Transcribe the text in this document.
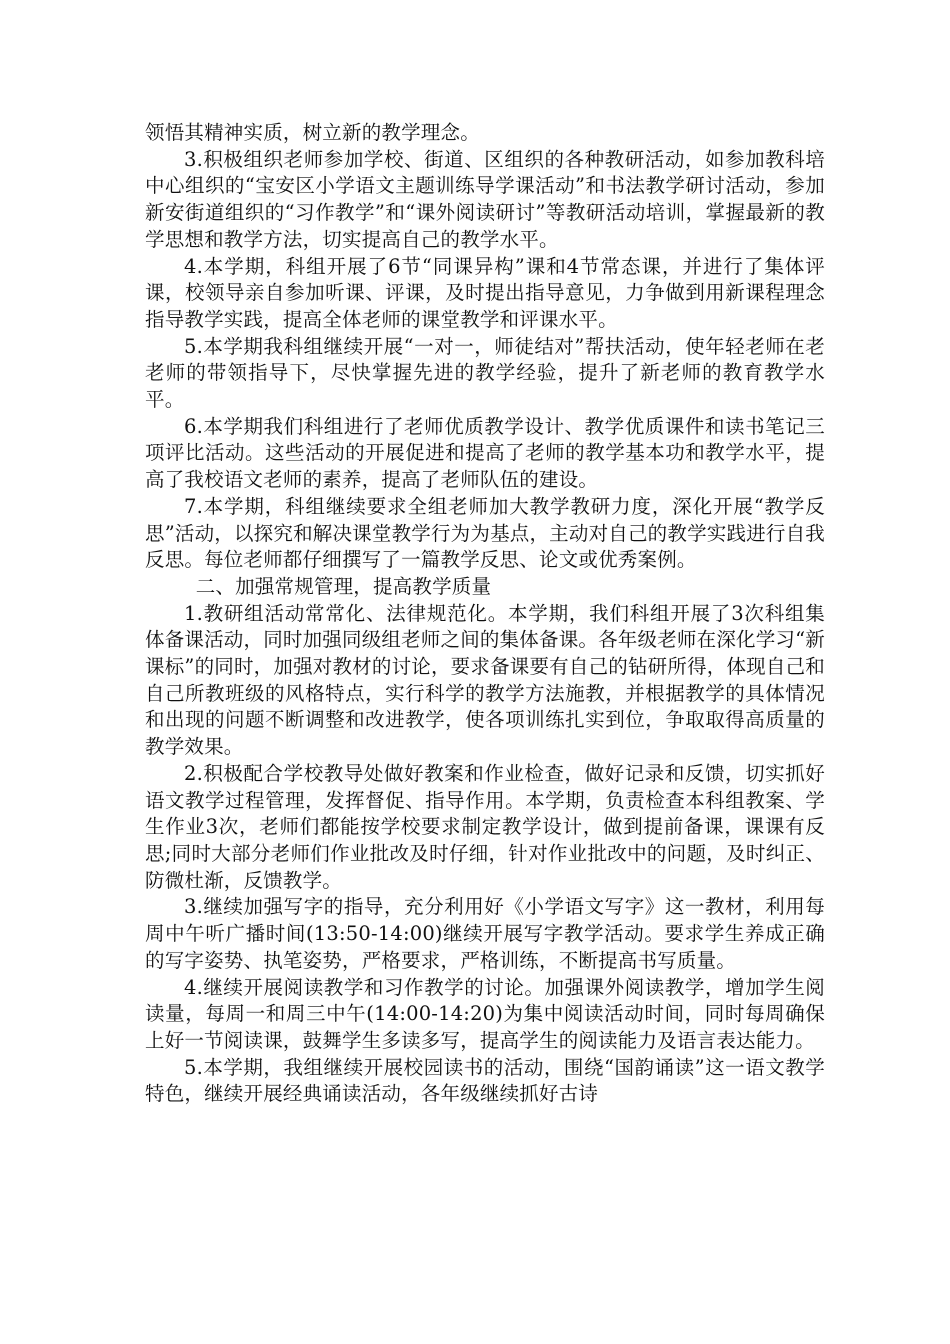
领悟其精神实质，树立新的教学理念。

3.积极组织老师参加学校、街道、区组织的各种教研活动，如参加教科培中心组织的“宝安区小学语文主题训练导学课活动”和书法教学研讨活动，参加新安街道组织的“习作教学”和“课外阅读研讨”等教研活动培训，掌握最新的教学思想和教学方法，切实提高自己的教学水平。

4.本学期，科组开展了6节“同课异构”课和4节常态课，并进行了集体评课，校领导亲自参加听课、评课，及时提出指导意见，力争做到用新课程理念指导教学实践，提高全体老师的课堂教学和评课水平。

5.本学期我科组继续开展“一对一，师徒结对”帮扶活动，使年轻老师在老老师的带领指导下，尽快掌握先进的教学经验，提升了新老师的教育教学水平。

6.本学期我们科组进行了老师优质教学设计、教学优质课件和读书笔记三项评比活动。这些活动的开展促进和提高了老师的教学基本功和教学水平，提高了我校语文老师的素养，提高了老师队伍的建设。

7.本学期，科组继续要求全组老师加大教学教研力度，深化开展“教学反思”活动，以探究和解决课堂教学行为为基点，主动对自己的教学实践进行自我反思。每位老师都仔细撰写了一篇教学反思、论文或优秀案例。

二、加强常规管理，提高教学质量

1.教研组活动常常化、法律规范化。本学期，我们科组开展了3次科组集体备课活动，同时加强同级组老师之间的集体备课。各年级老师在深化学习“新课标”的同时，加强对教材的讨论，要求备课要有自己的钻研所得，体现自己和自己所教班级的风格特点，实行科学的教学方法施教，并根据教学的具体情况和出现的问题不断调整和改进教学，使各项训练扎实到位，争取取得高质量的教学效果。

2.积极配合学校教导处做好教案和作业检查，做好记录和反馈，切实抓好语文教学过程管理，发挥督促、指导作用。本学期，负责检查本科组教案、学生作业3次，老师们都能按学校要求制定教学设计，做到提前备课，课课有反思;同时大部分老师们作业批改及时仔细，针对作业批改中的问题，及时纠正、防微杜渐，反馈教学。

3.继续加强写字的指导，充分利用好《小学语文写字》这一教材，利用每周中午听广播时间(13:50-14:00)继续开展写字教学活动。要求学生养成正确的写字姿势、执笔姿势，严格要求，严格训练，不断提高书写质量。

4.继续开展阅读教学和习作教学的讨论。加强课外阅读教学，增加学生阅读量，每周一和周三中午(14:00-14:20)为集中阅读活动时间，同时每周确保上好一节阅读课，鼓舞学生多读多写，提高学生的阅读能力及语言表达能力。

5.本学期，我组继续开展校园读书的活动，围绕“国韵诵读”这一语文教学特色，继续开展经典诵读活动，各年级继续抓好古诗
